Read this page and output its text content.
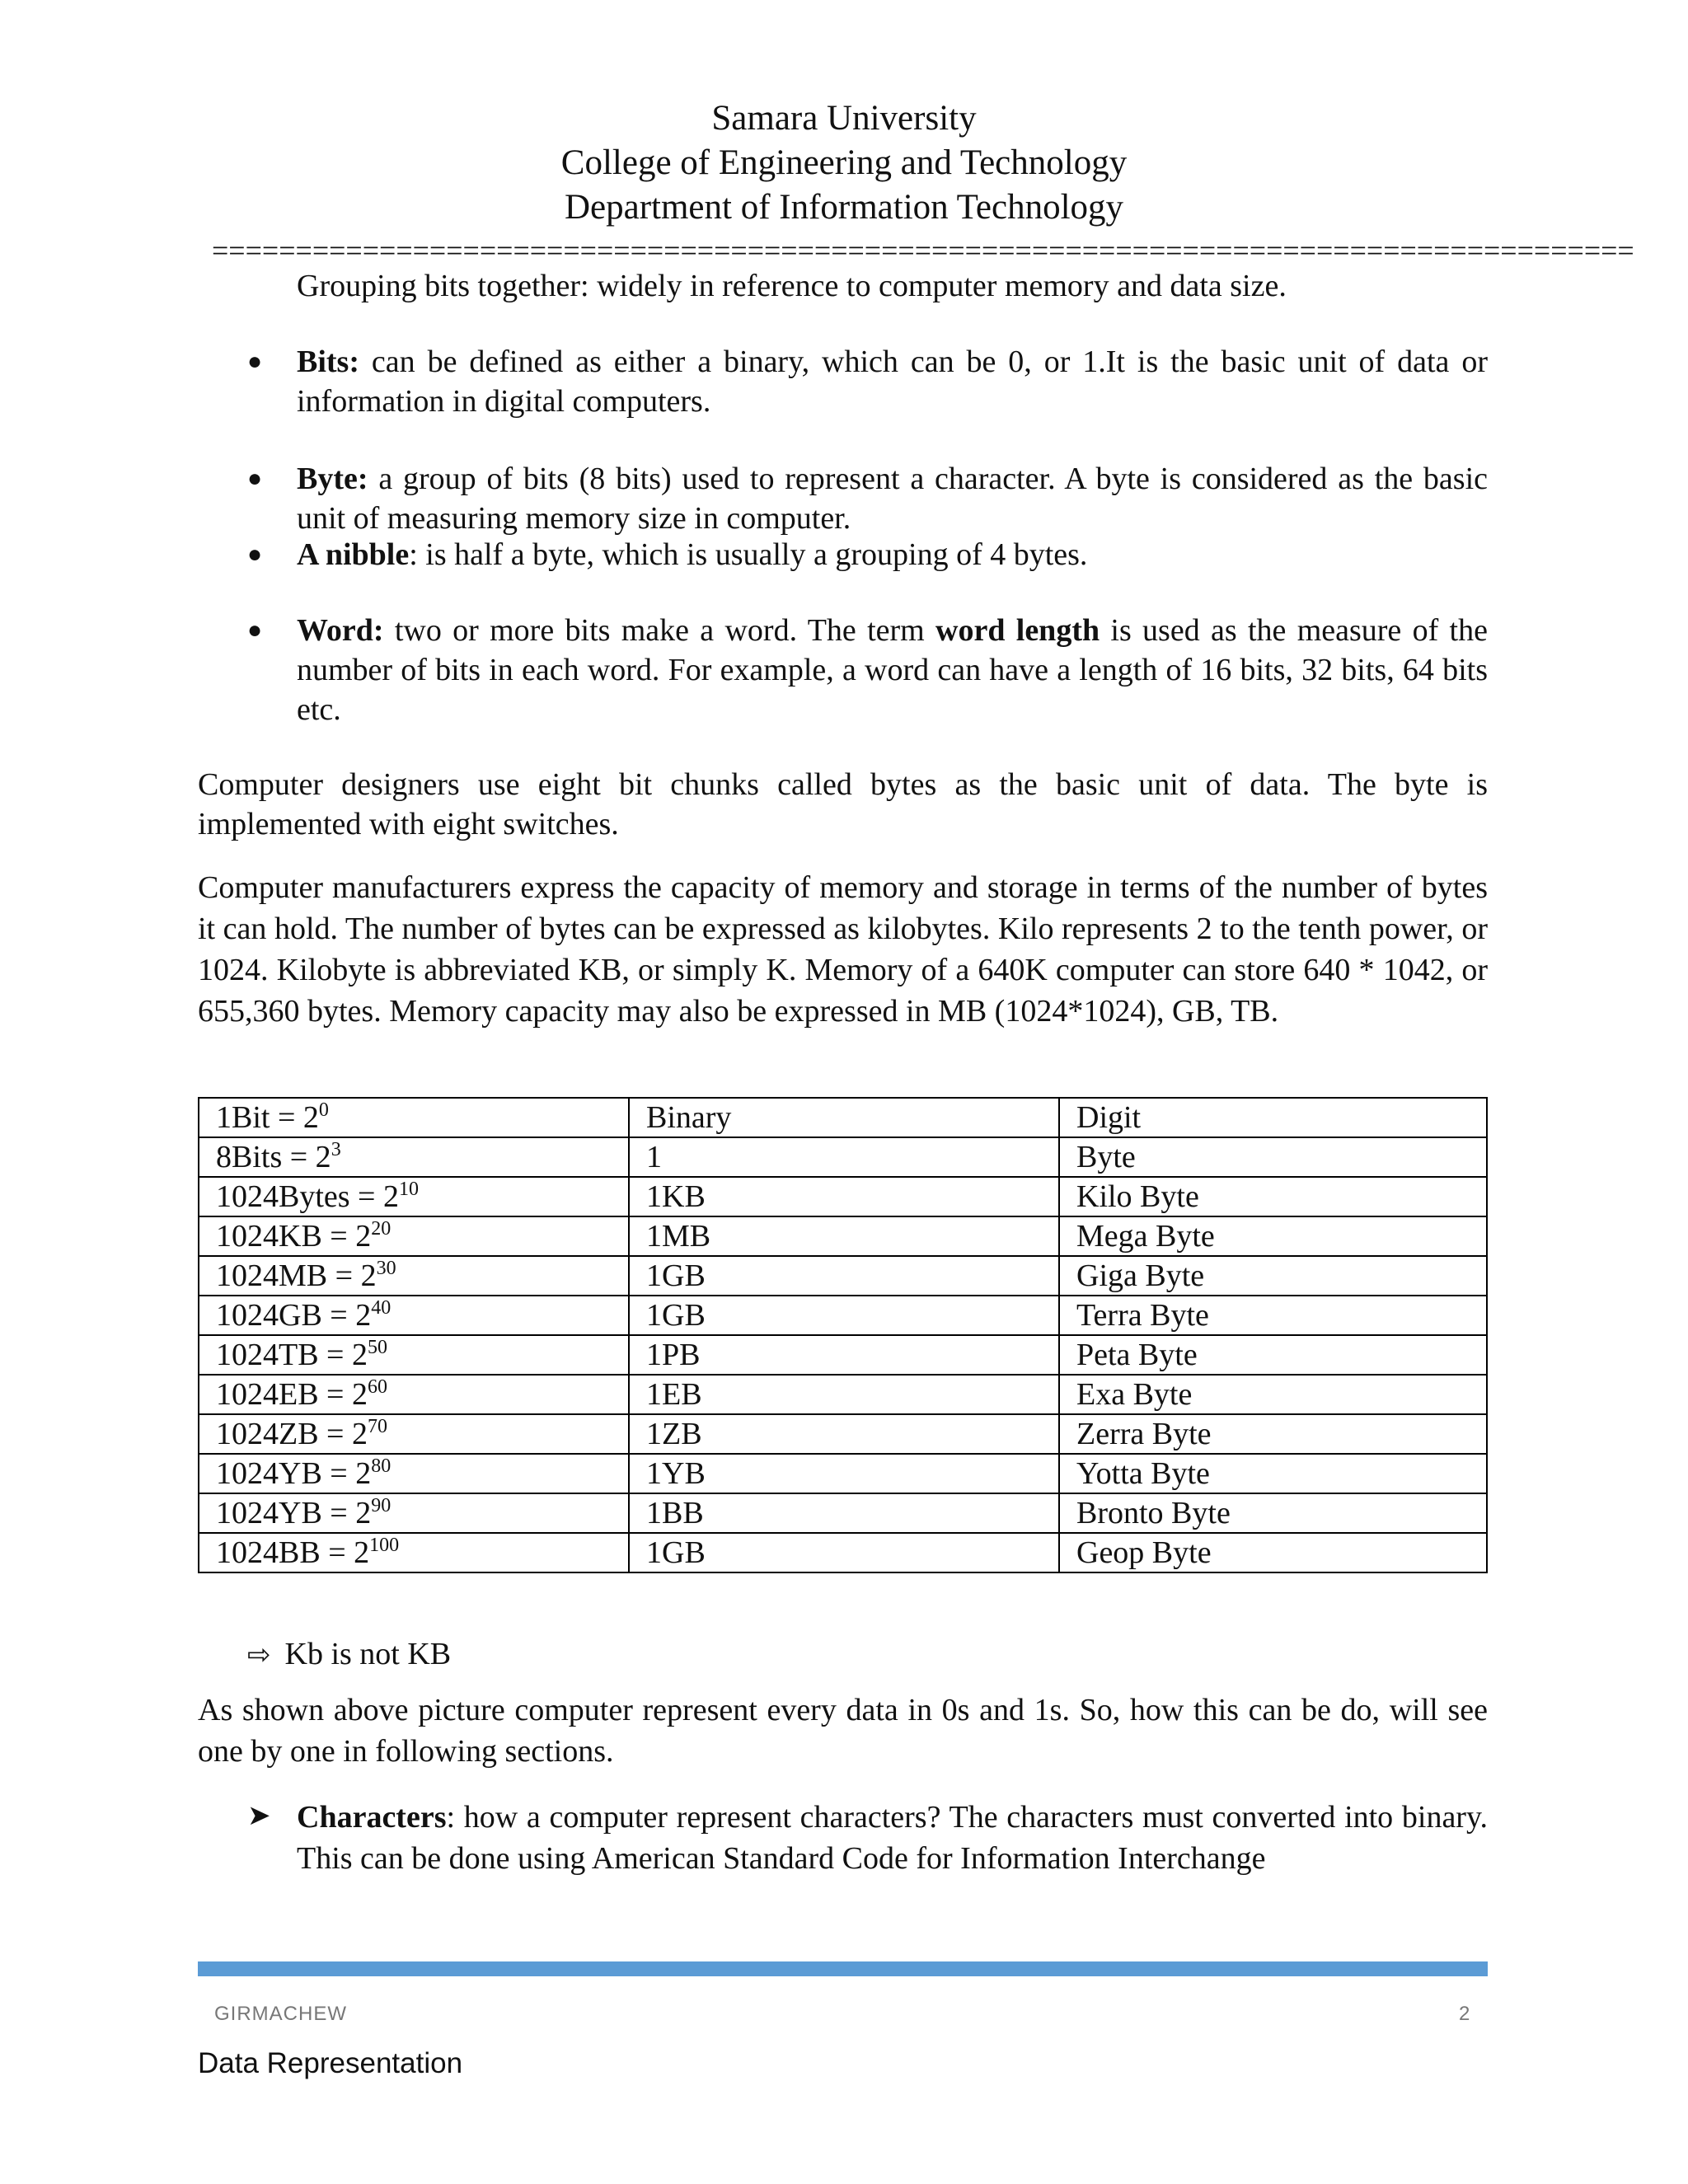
Samara University
College of Engineering and Technology
Department of Information Technology
=====================================================================================
Grouping bits together: widely in reference to computer memory and data size.
● Bits: can be defined as either a binary, which can be 0, or 1.It is the basic unit of data or information in digital computers.
● Byte: a group of bits (8 bits) used to represent a character. A byte is considered as the basic unit of measuring memory size in computer.
● A nibble: is half a byte, which is usually a grouping of 4 bytes.
● Word: two or more bits make a word. The term word length is used as the measure of the number of bits in each word. For example, a word can have a length of 16 bits, 32 bits, 64 bits etc.
Computer designers use eight bit chunks called bytes as the basic unit of data. The byte is implemented with eight switches.
Computer manufacturers express the capacity of memory and storage in terms of the number of bytes it can hold. The number of bytes can be expressed as kilobytes. Kilo represents 2 to the tenth power, or 1024. Kilobyte is abbreviated KB, or simply K. Memory of a 640K computer can store 640 * 1042, or 655,360 bytes. Memory capacity may also be expressed in MB (1024*1024), GB, TB.
$1Bit = 2^0$	Binary	Digit
8Bits = $2^3$	1	Byte
1024Bytes = $2^{10}$	1KB	Kilo Byte
$1024KB = 2^{20}$	1MB	Mega Byte
$1024MB = 2^{30}$	1GB	Giga Byte
$1024GB = 2^{40}$	1GB	Terra Byte
$1024TB = 2^{50}$	1PB	Peta Byte
$1024EB = 2^{60}$	1EB	Exa Byte
$1024ZB = 2^{70}$	1ZB	Zerra Byte
$1024YB = 2^{80}$	1YB	Yotta Byte
$1024YB = 2^{90}$	1BB	Bronto Byte
$1024BB = 2^{100}$	1GB	Geop Byte
⇨ Kb is not KB
As shown above picture computer represent every data in 0s and 1s. So, how this can be do, will see one by one in following sections.
➤ Characters: how a computer represent characters? The characters must converted into binary. This can be done using American Standard Code for Information Interchange
GIRMACHEW	2
Data Representation
